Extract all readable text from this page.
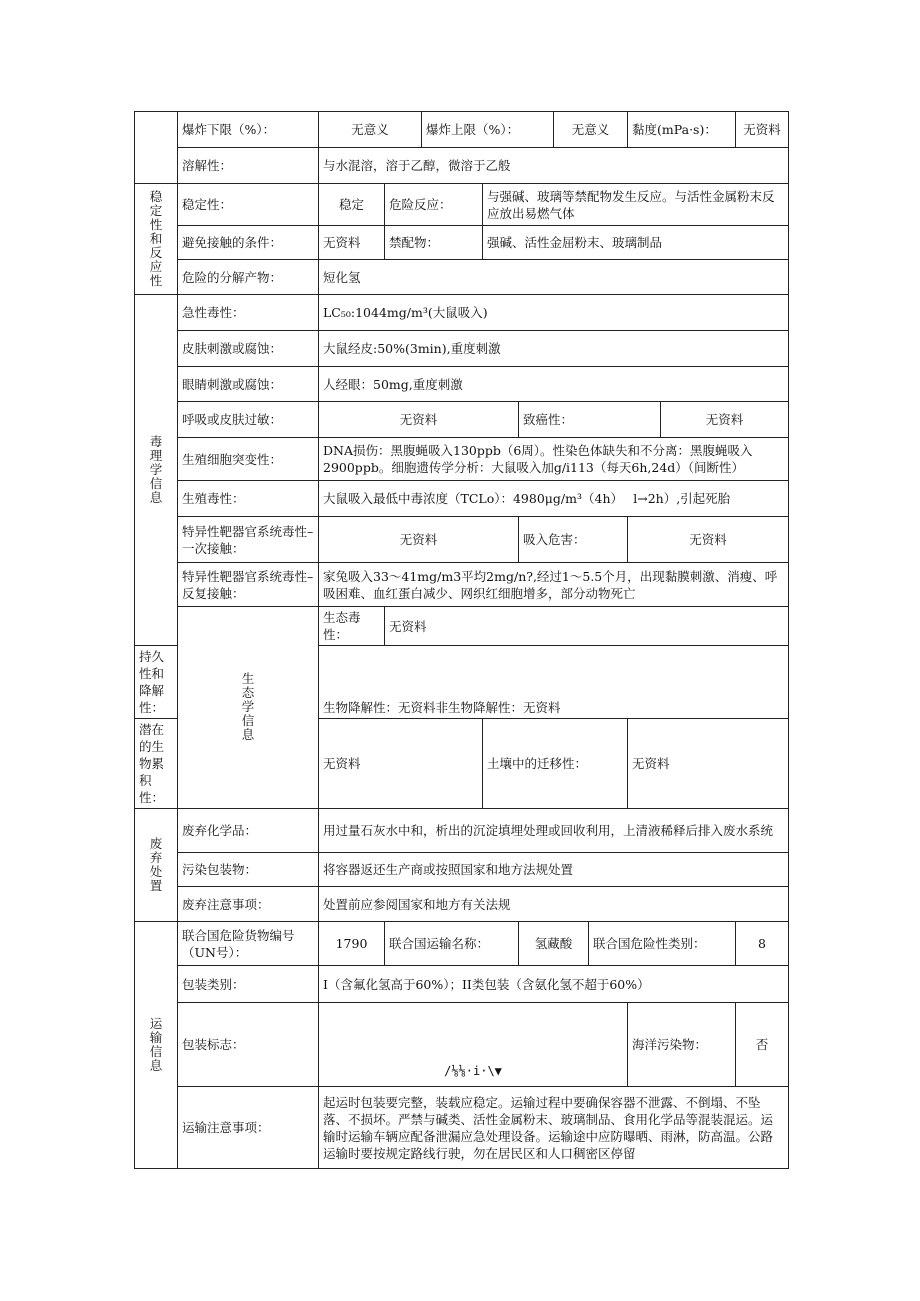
	爆炸下限（%）：	无意义		爆炸上限（%）：			无意义		黏度(mPa·s)：		无资料
	溶解性：	与水混溶，溶于乙醇，微溶于乙般									
稳定性和反应性	稳定性：	稳定	危险反应：		与强碱、玻璃等禁配物发生反应。与活性金属粉末反应放出易燃气体						
	避免接触的条件：	无资料	禁配物：		强碱、活性金屈粉末、玻璃制品						
	危险的分解产物：	短化氢									
毒理学信息	急性毒性：	LC₅₀:1044mg/m³(大鼠吸入)									
	皮肤刺激或腐蚀：	大鼠经皮:50%(3min),重度刺激									
	眼睛刺激或腐蚀：	人经眼：50mg,重度刺激									
	呼吸或皮肤过敏：	无资料				致癌性：				无资料	
	生殖细胞突变性：	DNA损伤：黑腹蝇吸入130ppb（6周）。性染色体缺失和不分离：黑腹蝇吸入2900ppb。细胞遗传学分析：大鼠吸入加g/i113（每天6h,24d）（间断性）									
	生殖毒性：	大鼠吸入最低中毒浓度（TCLo）：4980μg/m³（4h）　 l→2h）,引起死胎									
	特异性靶器官系统毒性–一次接触：	无资料				吸入危害：			无资料		
	特异性靶器官系统毒性–反复接触：	家兔吸入33～41mg/m3平均2mg/n?,经过1～5.5个月，出现黏膜刺激、消瘦、呼吸困难、血红蛋白减少、网织红细胞增多，部分动物死亡									
	生态学信息	生态毒性：	无资料								
持久性和降解性：		生物降解性：无资料非生物降解性：无资料									
潜在的生物累积性：		无资料			土壤中的迁移性：				无资料		
废弃处置	废弃化学品：	用过量石灰水中和，析出的沉淀填埋处理或回收利用，上清液稀释后排入废水系统									
	污染包装物：	将容器返还生产商或按照国家和地方法规处置									
	废弃注意事项：	处置前应参阅国家和地方有关法规									
运输信息	联合国危险货物编号（UN号）：	1790	联合国运输名称：			氢藏酸		联合国危险性类别：			8
	包装类别：	I（含氟化氢高于60%）；II类包装（含氨化氢不超于60%）									
	包装标志：	/⅛⅛·i·\▼							海洋污染物：		否
	运输注意事项：	起运时包装要完整，装载应稳定。运输过程中要确保容器不泄露、不倒塌、不坠落、不损坏。严禁与碱类、活性金属粉末、玻璃制品、食用化学品等混装混运。运输时运输车辆应配备泄漏应急处理设备。运输途中应防曝晒、雨淋，防高温。公路运输时要按规定路线行驶，勿在居民区和人口稠密区停留									
